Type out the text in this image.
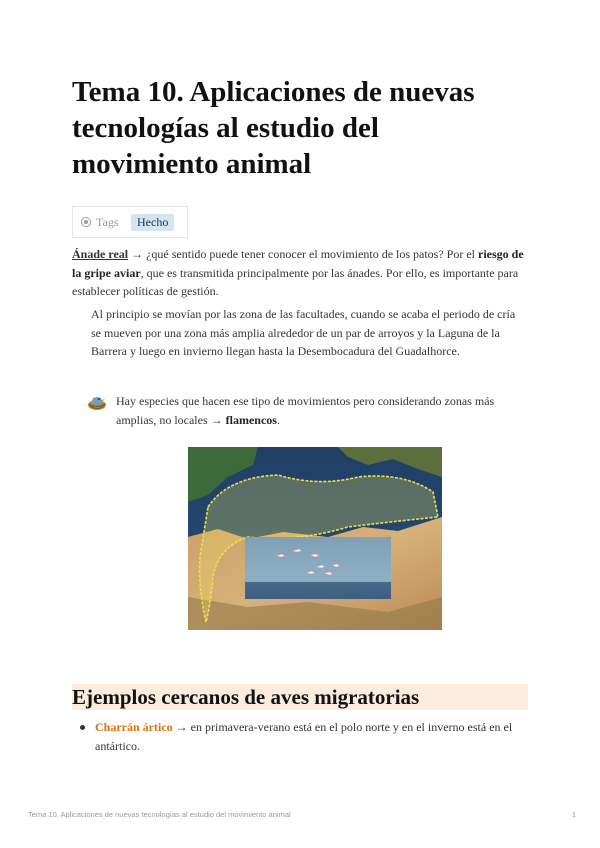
Tema 10. Aplicaciones de nuevas tecnologías al estudio del movimiento animal
Tags	Hecho

Ánade real → ¿qué sentido puede tener conocer el movimiento de los patos? Por el riesgo de la gripe aviar, que es transmitida principalmente por las ánades. Por ello, es importante para establecer políticas de gestión.

Al principio se movían por las zona de las facultades, cuando se acaba el periodo de cría se mueven por una zona más amplia alrededor de un par de arroyos y la Laguna de la Barrera y luego en invierno llegan hasta la Desembocadura del Guadalhorce.

Hay especies que hacen ese tipo de movimientos pero considerando zonas más amplias, no locales → flamencos.

Ejemplos cercanos de aves migratorias

Charrán ártico → en primavera-verano está en el polo norte y en el inverno está en el antártico.

Tema 10. Aplicaciones de nuevas tecnologías al estudio del movimiento animal	1
